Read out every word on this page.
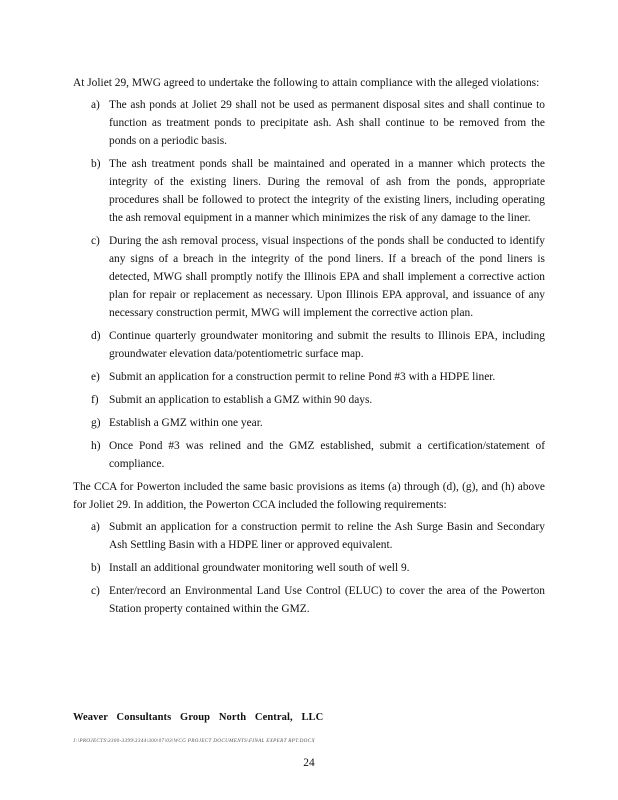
At Joliet 29, MWG agreed to undertake the following to attain compliance with the alleged violations:

a) The ash ponds at Joliet 29 shall not be used as permanent disposal sites and shall continue to function as treatment ponds to precipitate ash. Ash shall continue to be removed from the ponds on a periodic basis.
b) The ash treatment ponds shall be maintained and operated in a manner which protects the integrity of the existing liners. During the removal of ash from the ponds, appropriate procedures shall be followed to protect the integrity of the existing liners, including operating the ash removal equipment in a manner which minimizes the risk of any damage to the liner.
c) During the ash removal process, visual inspections of the ponds shall be conducted to identify any signs of a breach in the integrity of the pond liners. If a breach of the pond liners is detected, MWG shall promptly notify the Illinois EPA and shall implement a corrective action plan for repair or replacement as necessary. Upon Illinois EPA approval, and issuance of any necessary construction permit, MWG will implement the corrective action plan.
d) Continue quarterly groundwater monitoring and submit the results to Illinois EPA, including groundwater elevation data/potentiometric surface map.
e) Submit an application for a construction permit to reline Pond #3 with a HDPE liner.
f) Submit an application to establish a GMZ within 90 days.
g) Establish a GMZ within one year.
h) Once Pond #3 was relined and the GMZ established, submit a certification/statement of compliance.

The CCA for Powerton included the same basic provisions as items (a) through (d), (g), and (h) above for Joliet 29. In addition, the Powerton CCA included the following requirements:

a) Submit an application for a construction permit to reline the Ash Surge Basin and Secondary Ash Settling Basin with a HDPE liner or approved equivalent.
b) Install an additional groundwater monitoring well south of well 9.
c) Enter/record an Environmental Land Use Control (ELUC) to cover the area of the Powerton Station property contained within the GMZ.
Weaver Consultants Group North Central, LLC
J:\PROJECTS\3300-3399\3344\300\07\03\WCG PROJECT DOCUMENTS\FINAL EXPERT RPT.DOCX
24
